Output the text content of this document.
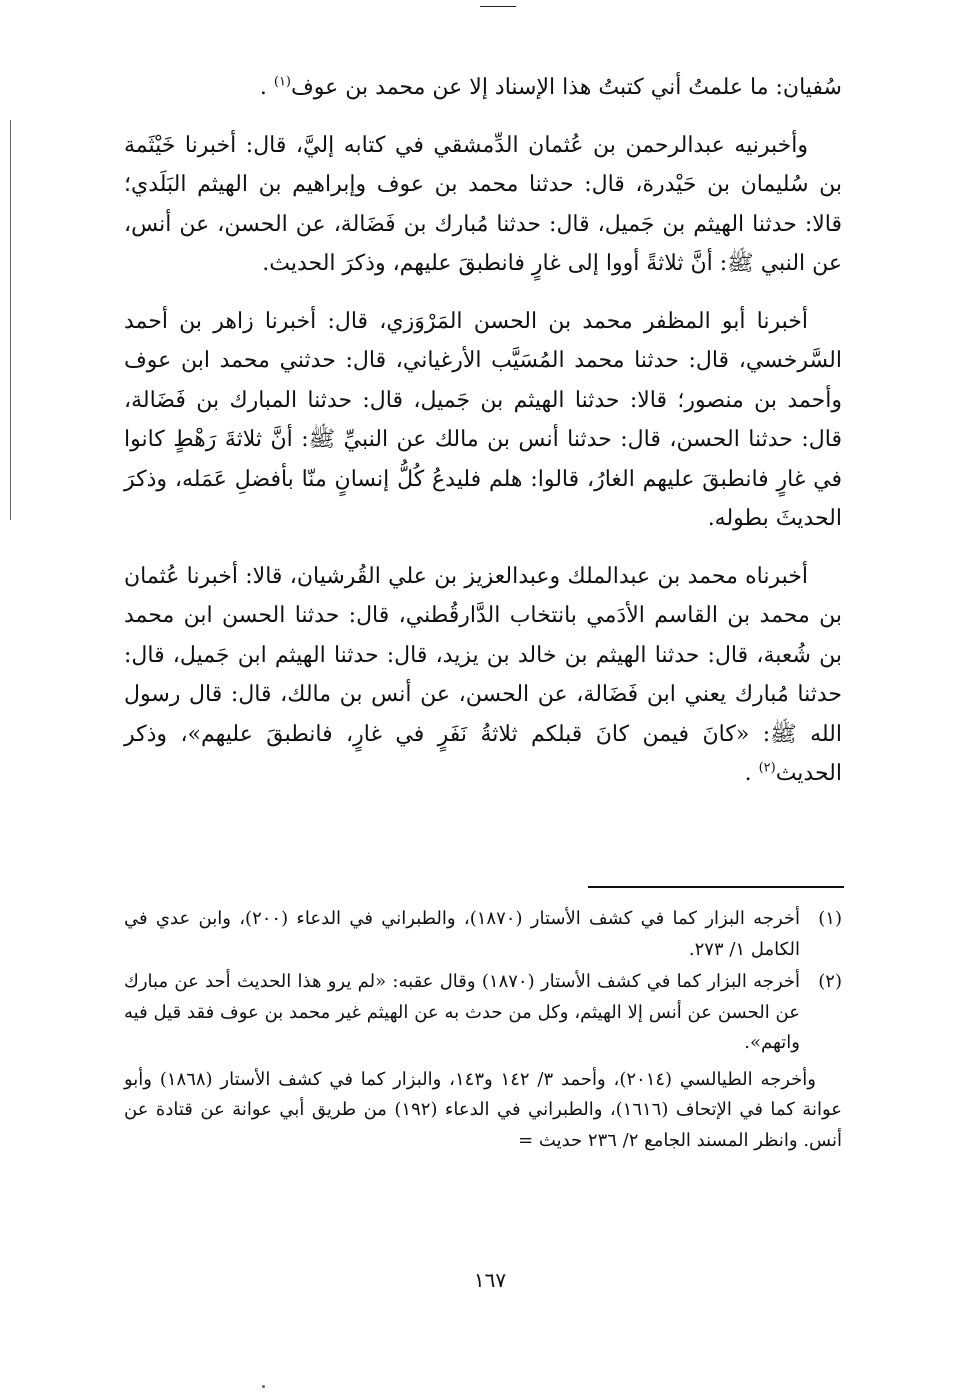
سُفيان: ما علمتُ أني كتبتُ هذا الإسناد إلا عن محمد بن عوف$^{(١)}$ .

وأخبرنيه عبدالرحمن بن عُثمان الدِّمشقي في كتابه إليَّ، قال: أخبرنا خَيْثَمة بن سُليمان بن حَيْدرة، قال: حدثنا محمد بن عوف وإبراهيم بن الهيثم البَلَدي؛ قالا: حدثنا الهيثم بن جَميل، قال: حدثنا مُبارك بن فَضَالة، عن الحسن، عن أنس، عن النبي ﷺ: أنَّ ثلاثةً أووا إلى غارٍ فانطبقَ عليهم، وذكرَ الحديث.

أخبرنا أبو المظفر محمد بن الحسن المَرْوَزي، قال: أخبرنا زاهر بن أحمد السَّرخسي، قال: حدثنا محمد المُسَيَّب الأرغياني، قال: حدثني محمد ابن عوف وأحمد بن منصور؛ قالا: حدثنا الهيثم بن جَميل، قال: حدثنا المبارك بن فَضَالة، قال: حدثنا الحسن، قال: حدثنا أنس بن مالك عن النبيِّ ﷺ: أنَّ ثلاثةَ رَهْطٍ كانوا في غارٍ فانطبقَ عليهم الغارُ، قالوا: هلم فليدعُ كُلُّ إنسانٍ منّا بأفضلِ عَمَله، وذكرَ الحديثَ بطوله.

أخبرناه محمد بن عبدالملك وعبدالعزيز بن علي القُرشيان، قالا: أخبرنا عُثمان بن محمد بن القاسم الأدَمي بانتخاب الدَّارقُطني، قال: حدثنا الحسن ابن محمد بن شُعبة، قال: حدثنا الهيثم بن خالد بن يزيد، قال: حدثنا الهيثم ابن جَميل، قال: حدثنا مُبارك يعني ابن فَضَالة، عن الحسن، عن أنس بن مالك، قال: قال رسول الله ﷺ: «كانَ فيمن كانَ قبلكم ثلاثةُ نَفَرٍ في غارٍ، فانطبقَ عليهم»، وذكر الحديث$^{(٢)}$ .

(١)
أخرجه البزار كما في كشف الأستار (١٨٧٠)، والطبراني في الدعاء (٢٠٠)، وابن عدي في الكامل ١/ ٢٧٣.
(٢)
أخرجه البزار كما في كشف الأستار (١٨٧٠) وقال عقبه: «لم يرو هذا الحديث أحد عن مبارك عن الحسن عن أنس إلا الهيثم، وكل من حدث به عن الهيثم غير محمد بن عوف فقد قيل فيه واتهم».

وأخرجه الطيالسي (٢٠١٤)، وأحمد ٣/ ١٤٢ و١٤٣، والبزار كما في كشف الأستار (١٨٦٨) وأبو عوانة كما في الإتحاف (١٦١٦)، والطبراني في الدعاء (١٩٢) من طريق أبي عوانة عن قتادة عن أنس. وانظر المسند الجامع ٢/ ٢٣٦ حديث =

١٦٧
